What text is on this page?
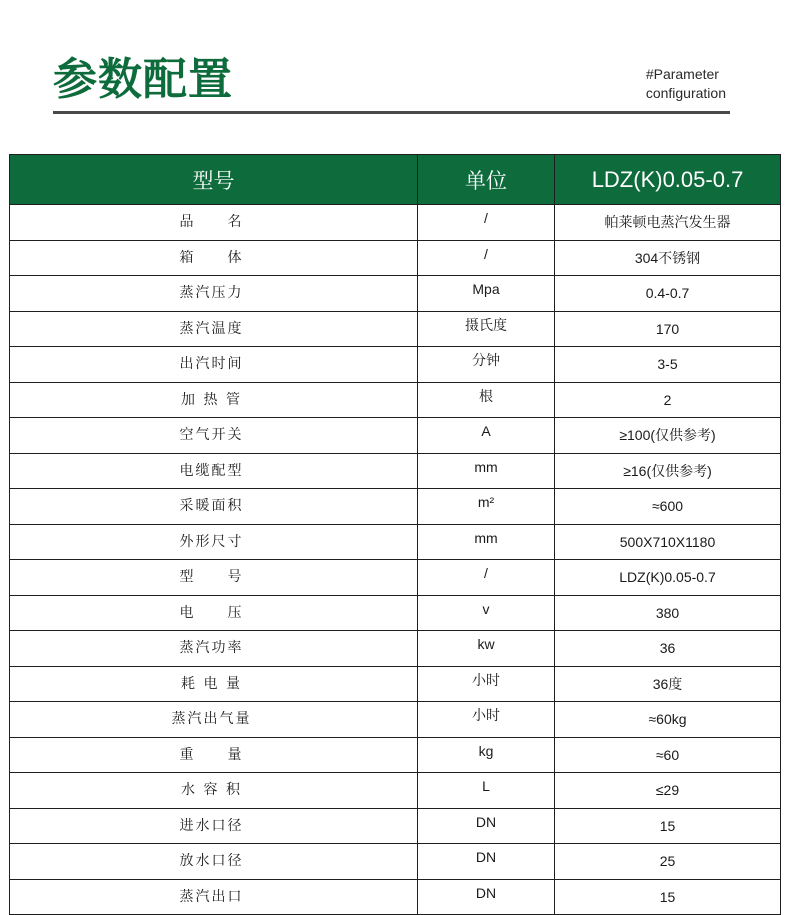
参数配置	#Parameter
configuration
型号	单位	LDZ(K)0.05-0.7
品　　名	/	帕莱顿电蒸汽发生器
箱　　体	/	304不锈钢
蒸汽压力	Mpa	0.4-0.7
蒸汽温度	摄氏度	170
出汽时间	分钟	3-5
加 热 管	根	2
空气开关	A	≥100(仅供参考)
电缆配型	mm	≥16(仅供参考)
采暖面积	m²	≈600
外形尺寸	mm	500X710X1180
型　　号	/	LDZ(K)0.05-0.7
电　　压	v	380
蒸汽功率	kw	36
耗 电 量	小时	36度
蒸汽出气量	小时	≈60kg
重　　量	kg	≈60
水 容 积	L	≤29
进水口径	DN	15
放水口径	DN	25
蒸汽出口	DN	15
